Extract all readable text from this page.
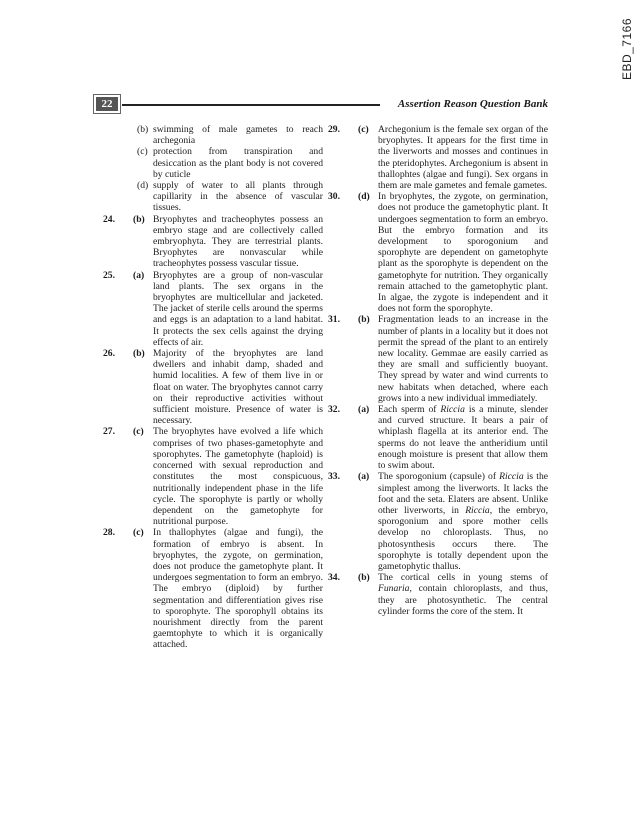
EBD_7166
22	Assertion Reason Question Bank
(b) swimming of male gametes to reach archegonia
(c) protection from transpiration and desiccation as the plant body is not covered by cuticle
(d) supply of water to all plants through capillarity in the absence of vascular tissues.
24.	(b) Bryophytes and tracheophytes possess an embryo stage and are collectively called embryophyta. They are terrestrial plants. Bryophytes are nonvascular while tracheophytes possess vascular tissue.
25.	(a) Bryophytes are a group of non-vascular land plants. The sex organs in the bryophytes are multicellular and jacketed. The jacket of sterile cells around the sperms and eggs is an adaptation to a land habitat. It protects the sex cells against the drying effects of air.
26.	(b) Majority of the bryophytes are land dwellers and inhabit damp, shaded and humid localities. A few of them live in or float on water. The bryophytes cannot carry on their reproductive activities without sufficient moisture. Presence of water is necessary.
27.	(c) The bryophytes have evolved a life which comprises of two phases-gametophyte and sporophytes. The gametophyte (haploid) is concerned with sexual reproduction and constitutes the most conspicuous, nutritionally independent phase in the life cycle. The sporophyte is partly or wholly dependent on the gametophyte for nutritional purpose.
28.	(c) In thallophytes (algae and fungi), the formation of embryo is absent. In bryophytes, the zygote, on germination, does not produce the gametophyte plant. It undergoes segmentation to form an embryo. The embryo (diploid) by further segmentation and differentiation gives rise to sporophyte. The sporophyll obtains its nourishment directly from the parent gaemtophyte to which it is organically attached.
29.	(c) Archegonium is the female sex organ of the bryophytes. It appears for the first time in the liverworts and mosses and continues in the pteridophytes. Archegonium is absent in thallophtes (algae and fungi). Sex organs in them are male gametes and female gametes.
30.	(d) In bryophytes, the zygote, on germination, does not produce the gametophytic plant. It undergoes segmentation to form an embryo. But the embryo formation and its development to sporogonium and sporophyte are dependent on gametophyte plant as the sporophyte is dependent on the gametophyte for nutrition. They organically remain attached to the gametophytic plant. In algae, the zygote is independent and it does not form the sporophyte.
31.	(b) Fragmentation leads to an increase in the number of plants in a locality but it does not permit the spread of the plant to an entirely new locality. Gemmae are easily carried as they are small and sufficiently buoyant. They spread by water and wind currents to new habitats when detached, where each grows into a new individual immediately.
32.	(a) Each sperm of Riccia is a minute, slender and curved structure. It bears a pair of whiplash flagella at its anterior end. The sperms do not leave the antheridium until enough moisture is present that allow them to swim about.
33.	(a) The sporogonium (capsule) of Riccia is the simplest among the liverworts. It lacks the foot and the seta. Elaters are absent. Unlike other liverworts, in Riccia, the embryo, sporogonium and spore mother cells develop no chloroplasts. Thus, no photosynthesis occurs there. The sporophyte is totally dependent upon the gametophytic thallus.
34.	(b) The cortical cells in young stems of Funaria, contain chloroplasts, and thus, they are photosynthetic. The central cylinder forms the core of the stem. It
